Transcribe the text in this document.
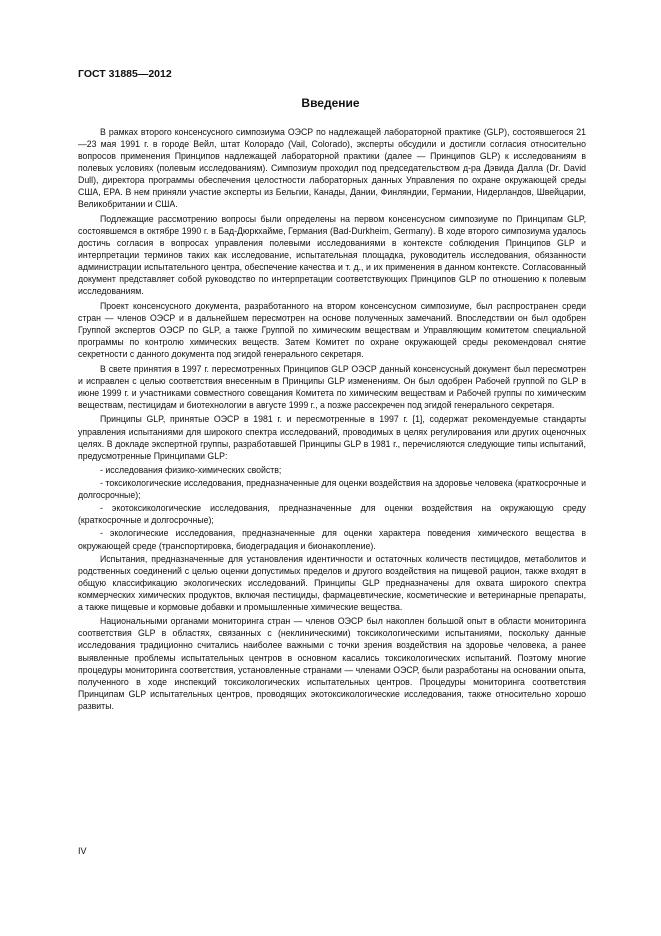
ГОСТ 31885—2012
Введение

В рамках второго консенсусного симпозиума ОЭСР по надлежащей лабораторной практике (GLP), состоявшегося 21—23 мая 1991 г. в городе Вейл, штат Колорадо (Vail, Colorado), эксперты обсудили и достигли согласия относительно вопросов применения Принципов надлежащей лабораторной практики (далее — Принципов GLP) к исследованиям в полевых условиях (полевым исследованиям). Симпозиум проходил под председательством д-ра Дэвида Далла (Dr. David Dull), директора программы обеспечения целостности лабораторных данных Управления по охране окружающей среды США, ЕРА. В нем приняли участие эксперты из Бельгии, Канады, Дании, Финляндии, Германии, Нидерландов, Швейцарии, Великобритании и США.

Подлежащие рассмотрению вопросы были определены на первом консенсусном симпозиуме по Принципам GLP, состоявшемся в октябре 1990 г. в Бад-Дюркхайме, Германия (Bad-Durkheim, Germany). В ходе второго симпозиума удалось достичь согласия в вопросах управления полевыми исследованиями в контексте соблюдения Принципов GLP и интерпретации терминов таких как исследование, испытательная площадка, руководитель исследования, обязанности администрации испытательного центра, обеспечение качества и т. д., и их применения в данном контексте. Согласованный документ представляет собой руководство по интерпретации соответствующих Принципов GLP по отношению к полевым исследованиям.

Проект консенсусного документа, разработанного на втором консенсусном симпозиуме, был распространен среди стран — членов ОЭСР и в дальнейшем пересмотрен на основе полученных замечаний. Впоследствии он был одобрен Группой экспертов ОЭСР по GLP, а также Группой по химическим веществам и Управляющим комитетом специальной программы по контролю химических веществ. Затем Комитет по охране окружающей среды рекомендовал снятие секретности с данного документа под эгидой генерального секретаря.

В свете принятия в 1997 г. пересмотренных Принципов GLP ОЭСР данный консенсусный документ был пересмотрен и исправлен с целью соответствия внесенным в Принципы GLP изменениям. Он был одобрен Рабочей группой по GLP в июне 1999 г. и участниками совместного совещания Комитета по химическим веществам и Рабочей группы по химическим веществам, пестицидам и биотехнологии в августе 1999 г., а позже рассекречен под эгидой генерального секретаря.

Принципы GLP, принятые ОЭСР в 1981 г. и пересмотренные в 1997 г. [1], содержат рекомендуемые стандарты управления испытаниями для широкого спектра исследований, проводимых в целях регулирования или других оценочных целях. В докладе экспертной группы, разработавшей Принципы GLP в 1981 г., перечисляются следующие типы испытаний, предусмотренные Принципами GLP:

- исследования физико-химических свойств;

- токсикологические исследования, предназначенные для оценки воздействия на здоровье человека (краткосрочные и долгосрочные);

- экотоксикологические исследования, предназначенные для оценки воздействия на окружающую среду (краткосрочные и долгосрочные);

- экологические исследования, предназначенные для оценки характера поведения химического вещества в окружающей среде (транспортировка, биодеградация и бионакопление).

Испытания, предназначенные для установления идентичности и остаточных количеств пестицидов, метаболитов и родственных соединений с целью оценки допустимых пределов и другого воздействия на пищевой рацион, также входят в общую классификацию экологических исследований. Принципы GLP предназначены для охвата широкого спектра коммерческих химических продуктов, включая пестициды, фармацевтические, косметические и ветеринарные препараты, а также пищевые и кормовые добавки и промышленные химические вещества.

Национальными органами мониторинга стран — членов ОЭСР был накоплен большой опыт в области мониторинга соответствия GLP в областях, связанных с (неклиническими) токсикологическими испытаниями, поскольку данные исследования традиционно считались наиболее важными с точки зрения воздействия на здоровье человека, а ранее выявленные проблемы испытательных центров в основном касались токсикологических испытаний. Поэтому многие процедуры мониторинга соответствия, установленные странами — членами ОЭСР, были разработаны на основании опыта, полученного в ходе инспекций токсикологических испытательных центров. Процедуры мониторинга соответствия Принципам GLP испытательных центров, проводящих экотоксикологические исследования, также относительно хорошо развиты.

IV
